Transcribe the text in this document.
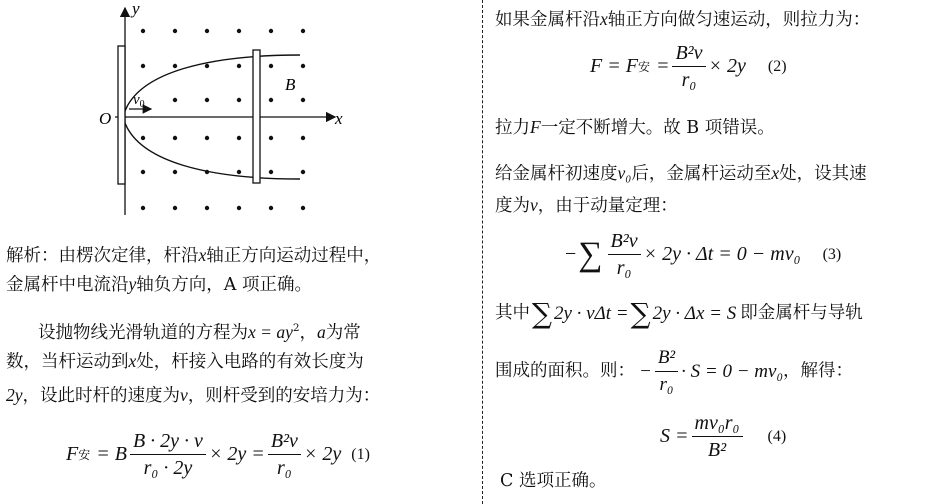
y
x
O
$v_0$
B
解析：由楞次定律，杆沿x轴正方向运动过程中，
金属杆中电流沿y轴负方向，A 项正确。
设抛物线光滑轨道的方程为$x = ay^2$，a为常
数，当杆运动到x处，杆接入电路的有效长度为
2y，设此时杆的速度为v，则杆受到的安培力为：
F 安 = B $\frac{B \cdot 2y \cdot v}{\text{r₀ · 2y}} \times 2y = \frac{\text{B²v}}{\text{r₀}} \times 2y$ (1)
如果金属杆沿x轴正方向做匀速运动，则拉力为：
F = F 安 = $\frac{\text{B²v}}{\text{r₀}} \times 2y$ (2)
拉力F一定不断增大。故 B 项错误。
给金属杆初速度v₀后，金属杆运动至x处，设其速
度为v，由于动量定理：
− ∑ $\frac{\text{B²v}}{\text{r₀}} \times 2y \cdot \Delta t = 0 - mv_0$ (3)
其中 ∑ 2y · vΔt = ∑ 2y · Δx = S 即金属杆与导轨
围成的面积。则： − $\frac{\text{B²}}{\text{r₀}} \cdot S = 0 - mv_0$ ，解得：
$S = \frac{\text{mv₀r₀}}{\text{B²}} (4)$
C 选项正确。
